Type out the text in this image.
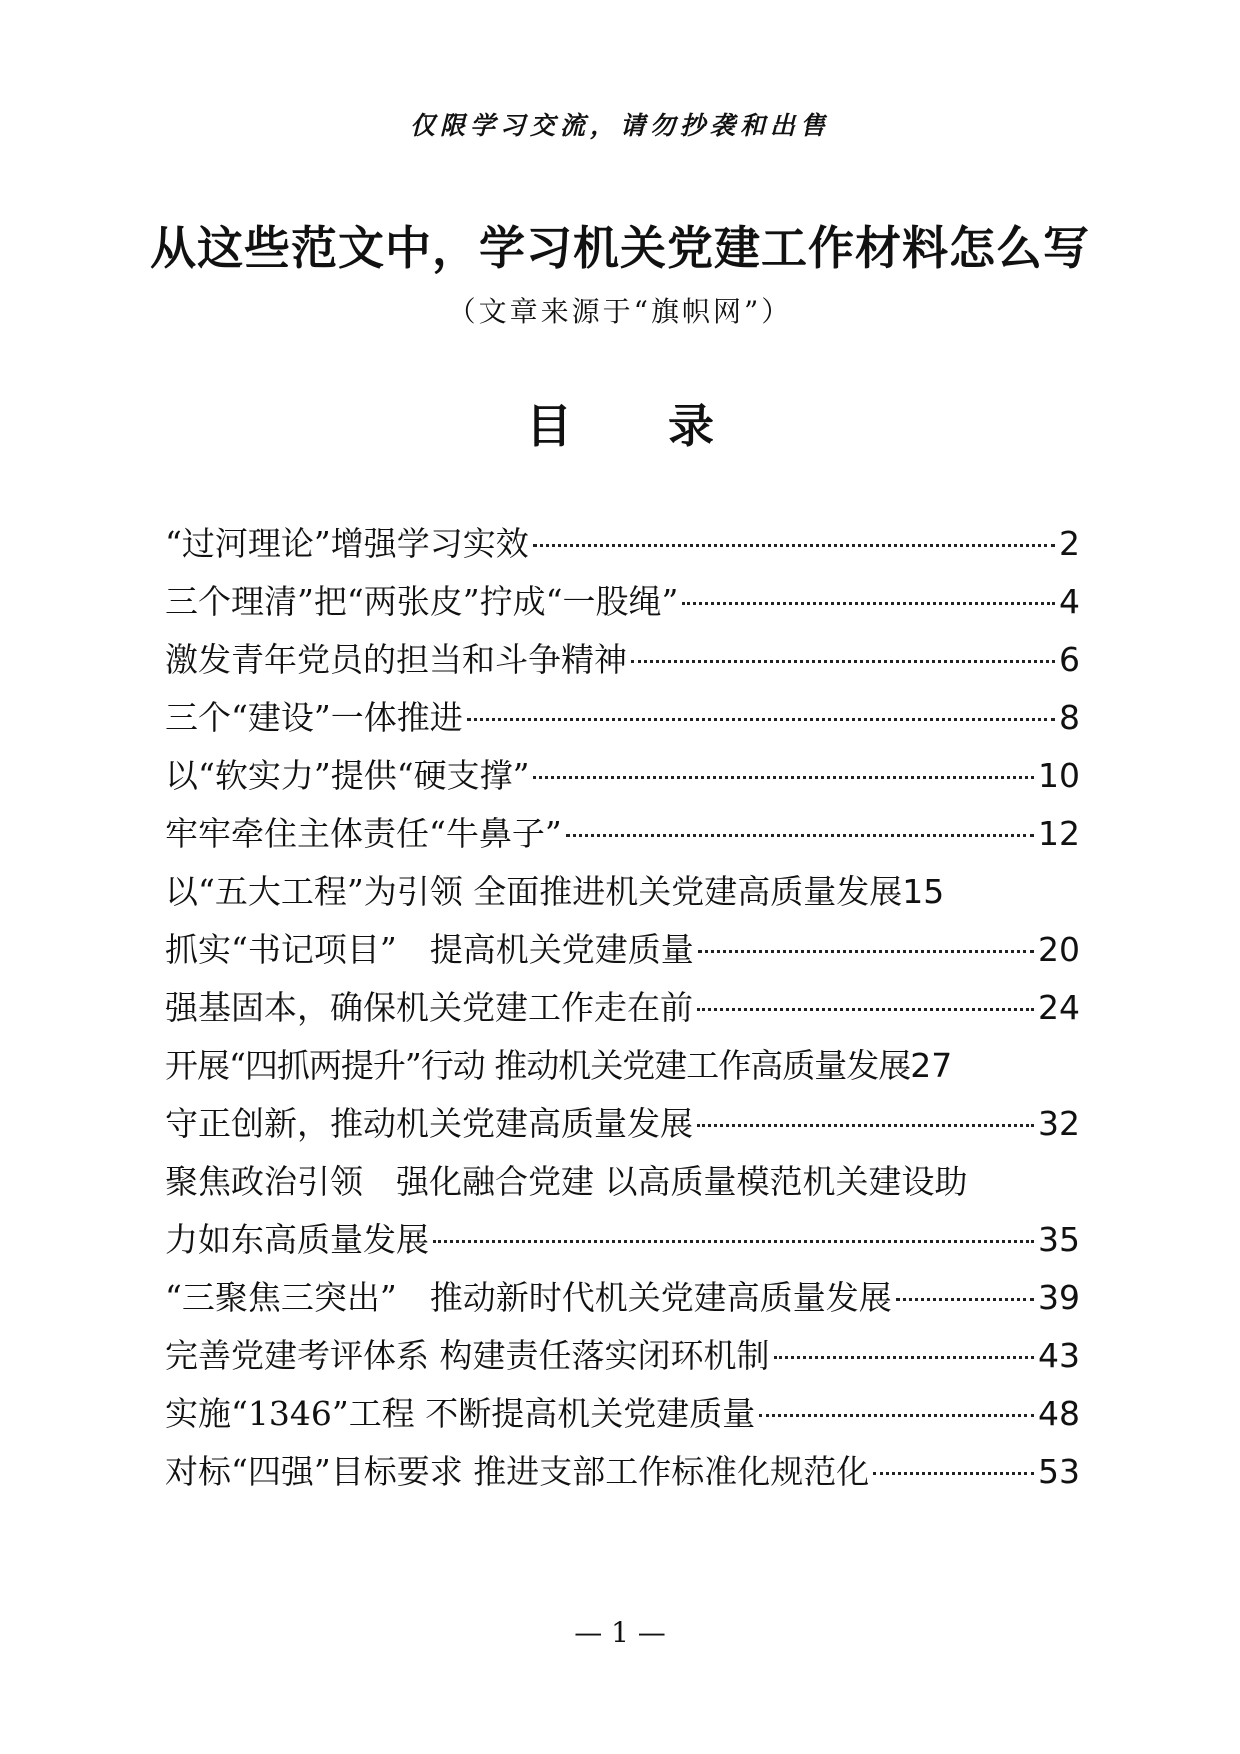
仅限学习交流，请勿抄袭和出售
从这些范文中，学习机关党建工作材料怎么写
（文章来源于“旗帜网”）
目 录
“过河理论”增强学习实效	2
三个理清”把“两张皮”拧成“一股绳”	4
激发青年党员的担当和斗争精神	6
三个“建设”一体推进	8
以“软实力”提供“硬支撑”	10
牢牢牵住主体责任“牛鼻子”	12
以“五大工程”为引领 全面推进机关党建高质量发展 15
抓实“书记项目”　提高机关党建质量	20
强基固本，确保机关党建工作走在前	24
开展“四抓两提升”行动 推动机关党建工作高质量发展 27
守正创新，推动机关党建高质量发展	32
聚焦政治引领　强化融合党建 以高质量模范机关建设助
力如东高质量发展	35
“三聚焦三突出”　推动新时代机关党建高质量发展	39
完善党建考评体系 构建责任落实闭环机制	43
实施“1346”工程 不断提高机关党建质量	48
对标“四强”目标要求 推进支部工作标准化规范化	53
— 1 —
